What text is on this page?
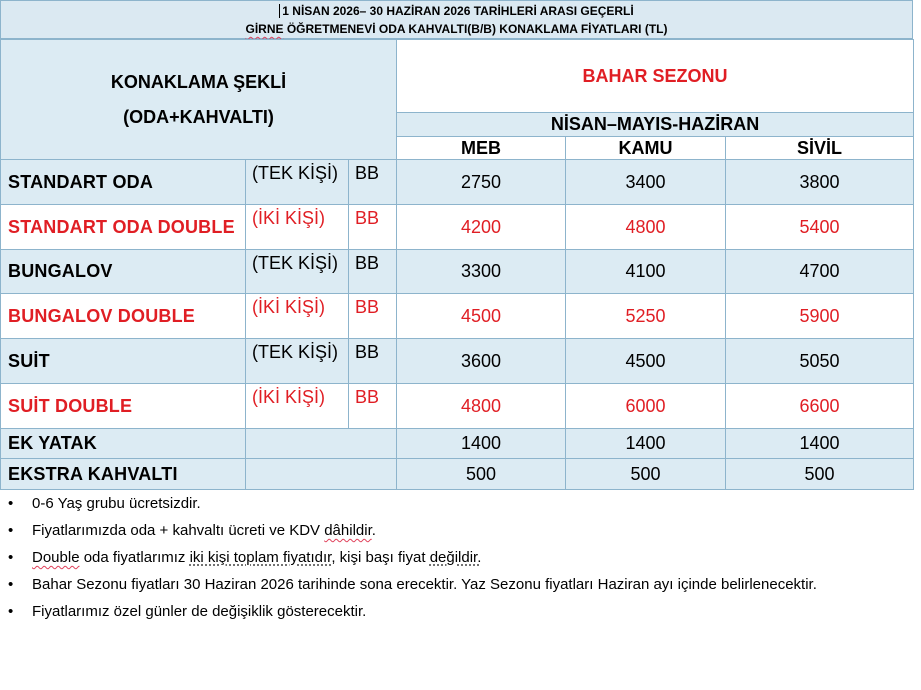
1 NİSAN 2026– 30 HAZİRAN 2026 TARİHLERİ ARASI GEÇERLİ
GİRNE ÖĞRETMENEVİ ODA KAHVALTI(B/B) KONAKLAMA FİYATLARI (TL)
KONAKLAMA ŞEKLİ
(ODA+KAHVALTI)			BAHAR SEZONU		
			NİSAN–MAYIS-HAZİRAN		
			MEB	KAMU	SİVİL
STANDART ODA	(TEK KİŞİ)	BB	2750	3400	3800
STANDART ODA DOUBLE	(İKİ KİŞİ)	BB	4200	4800	5400
BUNGALOV	(TEK KİŞİ)	BB	3300	4100	4700
BUNGALOV DOUBLE	(İKİ KİŞİ)	BB	4500	5250	5900
SUİT	(TEK KİŞİ)	BB	3600	4500	5050
SUİT DOUBLE	(İKİ KİŞİ)	BB	4800	6000	6600
EK YATAK			1400	1400	1400
EKSTRA KAHVALTI			500	500	500
• 0-6 Yaş grubu ücretsizdir.
• Fiyatlarımızda oda + kahvaltı ücreti ve KDV dâhildir.
• Double oda fiyatlarımız iki kişi toplam fiyatıdır, kişi başı fiyat değildir.
• Bahar Sezonu fiyatları 30 Haziran 2026 tarihinde sona erecektir. Yaz Sezonu fiyatları Haziran ayı içinde belirlenecektir.
• Fiyatlarımız özel günler de değişiklik gösterecektir.
